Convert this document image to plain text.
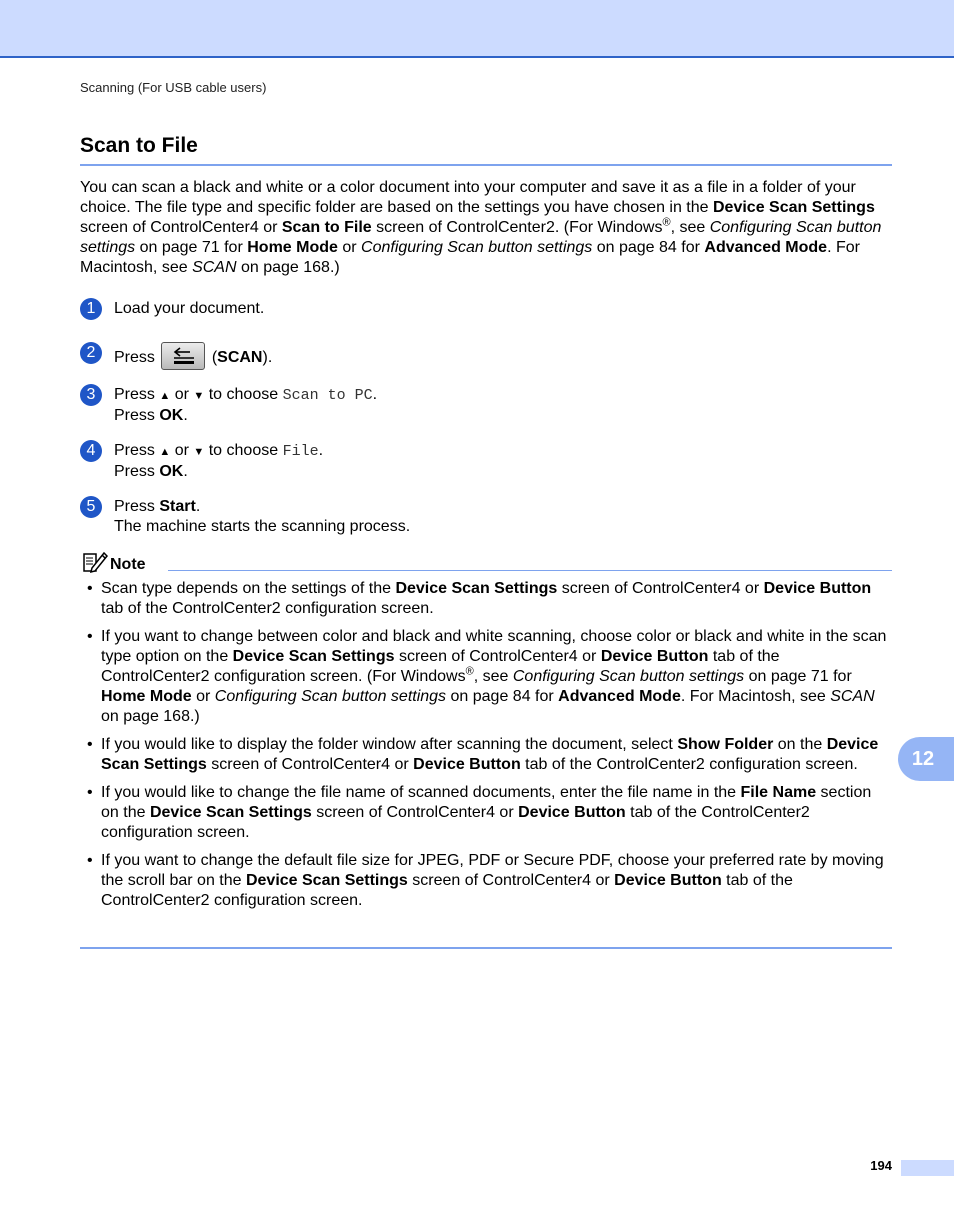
Scanning (For USB cable users)
Scan to File

You can scan a black and white or a color document into your computer and save it as a file in a folder of your choice. The file type and specific folder are based on the settings you have chosen in the Device Scan Settings screen of ControlCenter4 or Scan to File screen of ControlCenter2. (For Windows®, see Configuring Scan button settings on page 71 for Home Mode or Configuring Scan button settings on page 84 for Advanced Mode. For Macintosh, see SCAN on page 168.)

1	Load your document.
2	Press	(SCAN).
3	Press ▲ or ▼ to choose Scan to PC.
Press OK.
4	Press ▲ or ▼ to choose File.
Press OK.
5	Press Start.
The machine starts the scanning process.
Note
• Scan type depends on the settings of the Device Scan Settings screen of ControlCenter4 or Device Button tab of the ControlCenter2 configuration screen.
• If you want to change between color and black and white scanning, choose color or black and white in the scan type option on the Device Scan Settings screen of ControlCenter4 or Device Button tab of the ControlCenter2 configuration screen. (For Windows®, see Configuring Scan button settings on page 71 for Home Mode or Configuring Scan button settings on page 84 for Advanced Mode. For Macintosh, see SCAN on page 168.)
• If you would like to display the folder window after scanning the document, select Show Folder on the Device Scan Settings screen of ControlCenter4 or Device Button tab of the ControlCenter2 configuration screen.
• If you would like to change the file name of scanned documents, enter the file name in the File Name section on the Device Scan Settings screen of ControlCenter4 or Device Button tab of the ControlCenter2 configuration screen.
• If you want to change the default file size for JPEG, PDF or Secure PDF, choose your preferred rate by moving the scroll bar on the Device Scan Settings screen of ControlCenter4 or Device Button tab of the ControlCenter2 configuration screen.
12
194
